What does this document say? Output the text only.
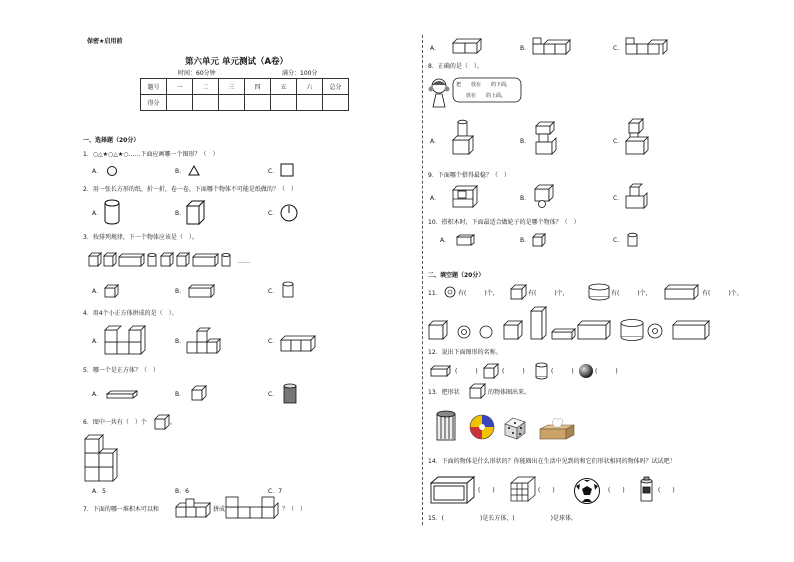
保密★启用前
第六单元 单元测试（A卷）
时间：60分钟	满分：100分
题号	一	二	三	四	五	六	总分
得分							
一、选择题（20分）
1．○△★○△★○……下面应画哪一个图形？（　）
A．	B．	C．
2．用一张长方形的纸，折一折，卷一卷，下面哪个物体不可能是纸做的？（　）
A．	B．	C．
3．按排列规律，下一个物体应该是（　）。
……
A．	B．	C．
4．用4个小正方体拼成的是（　）。
A．	B．	C．
5．哪一个是正方体？（　）
A．	B．	C．
6．图中一共有（　）个	。
A．5	B．6	C．7
7．下面的哪一堆积木可以和	拼成	？（　）
A．	B．	C．
8．正确的是（　）。
把　　放在　　的下面，
　　放在　　的上面。
A．	B．	C．
9．下面哪个搭得最稳？（　）
A．	B．	C．
10．搭积木时，下面最适合做轮子的是哪个物体？（　）
A．	B．	C．
二、填空题（20分）
11．	有(　　　)个，	有(　　　)个，	有(　　　)个，	有(　　　)个。
12．说出下面图形的名称。
(　　　)	(　　　)	(　　　)	(　　　)
13．把形状	的物体圈出来。
14．下面的物体是什么形状的？你能圈出在生活中见到的和它们形状相同的物体吗？试试吧！
(　　)	(　　)	(　　)	(　　)
15．(　　　　　　)是长方体，(　　　　　　)是球体。
